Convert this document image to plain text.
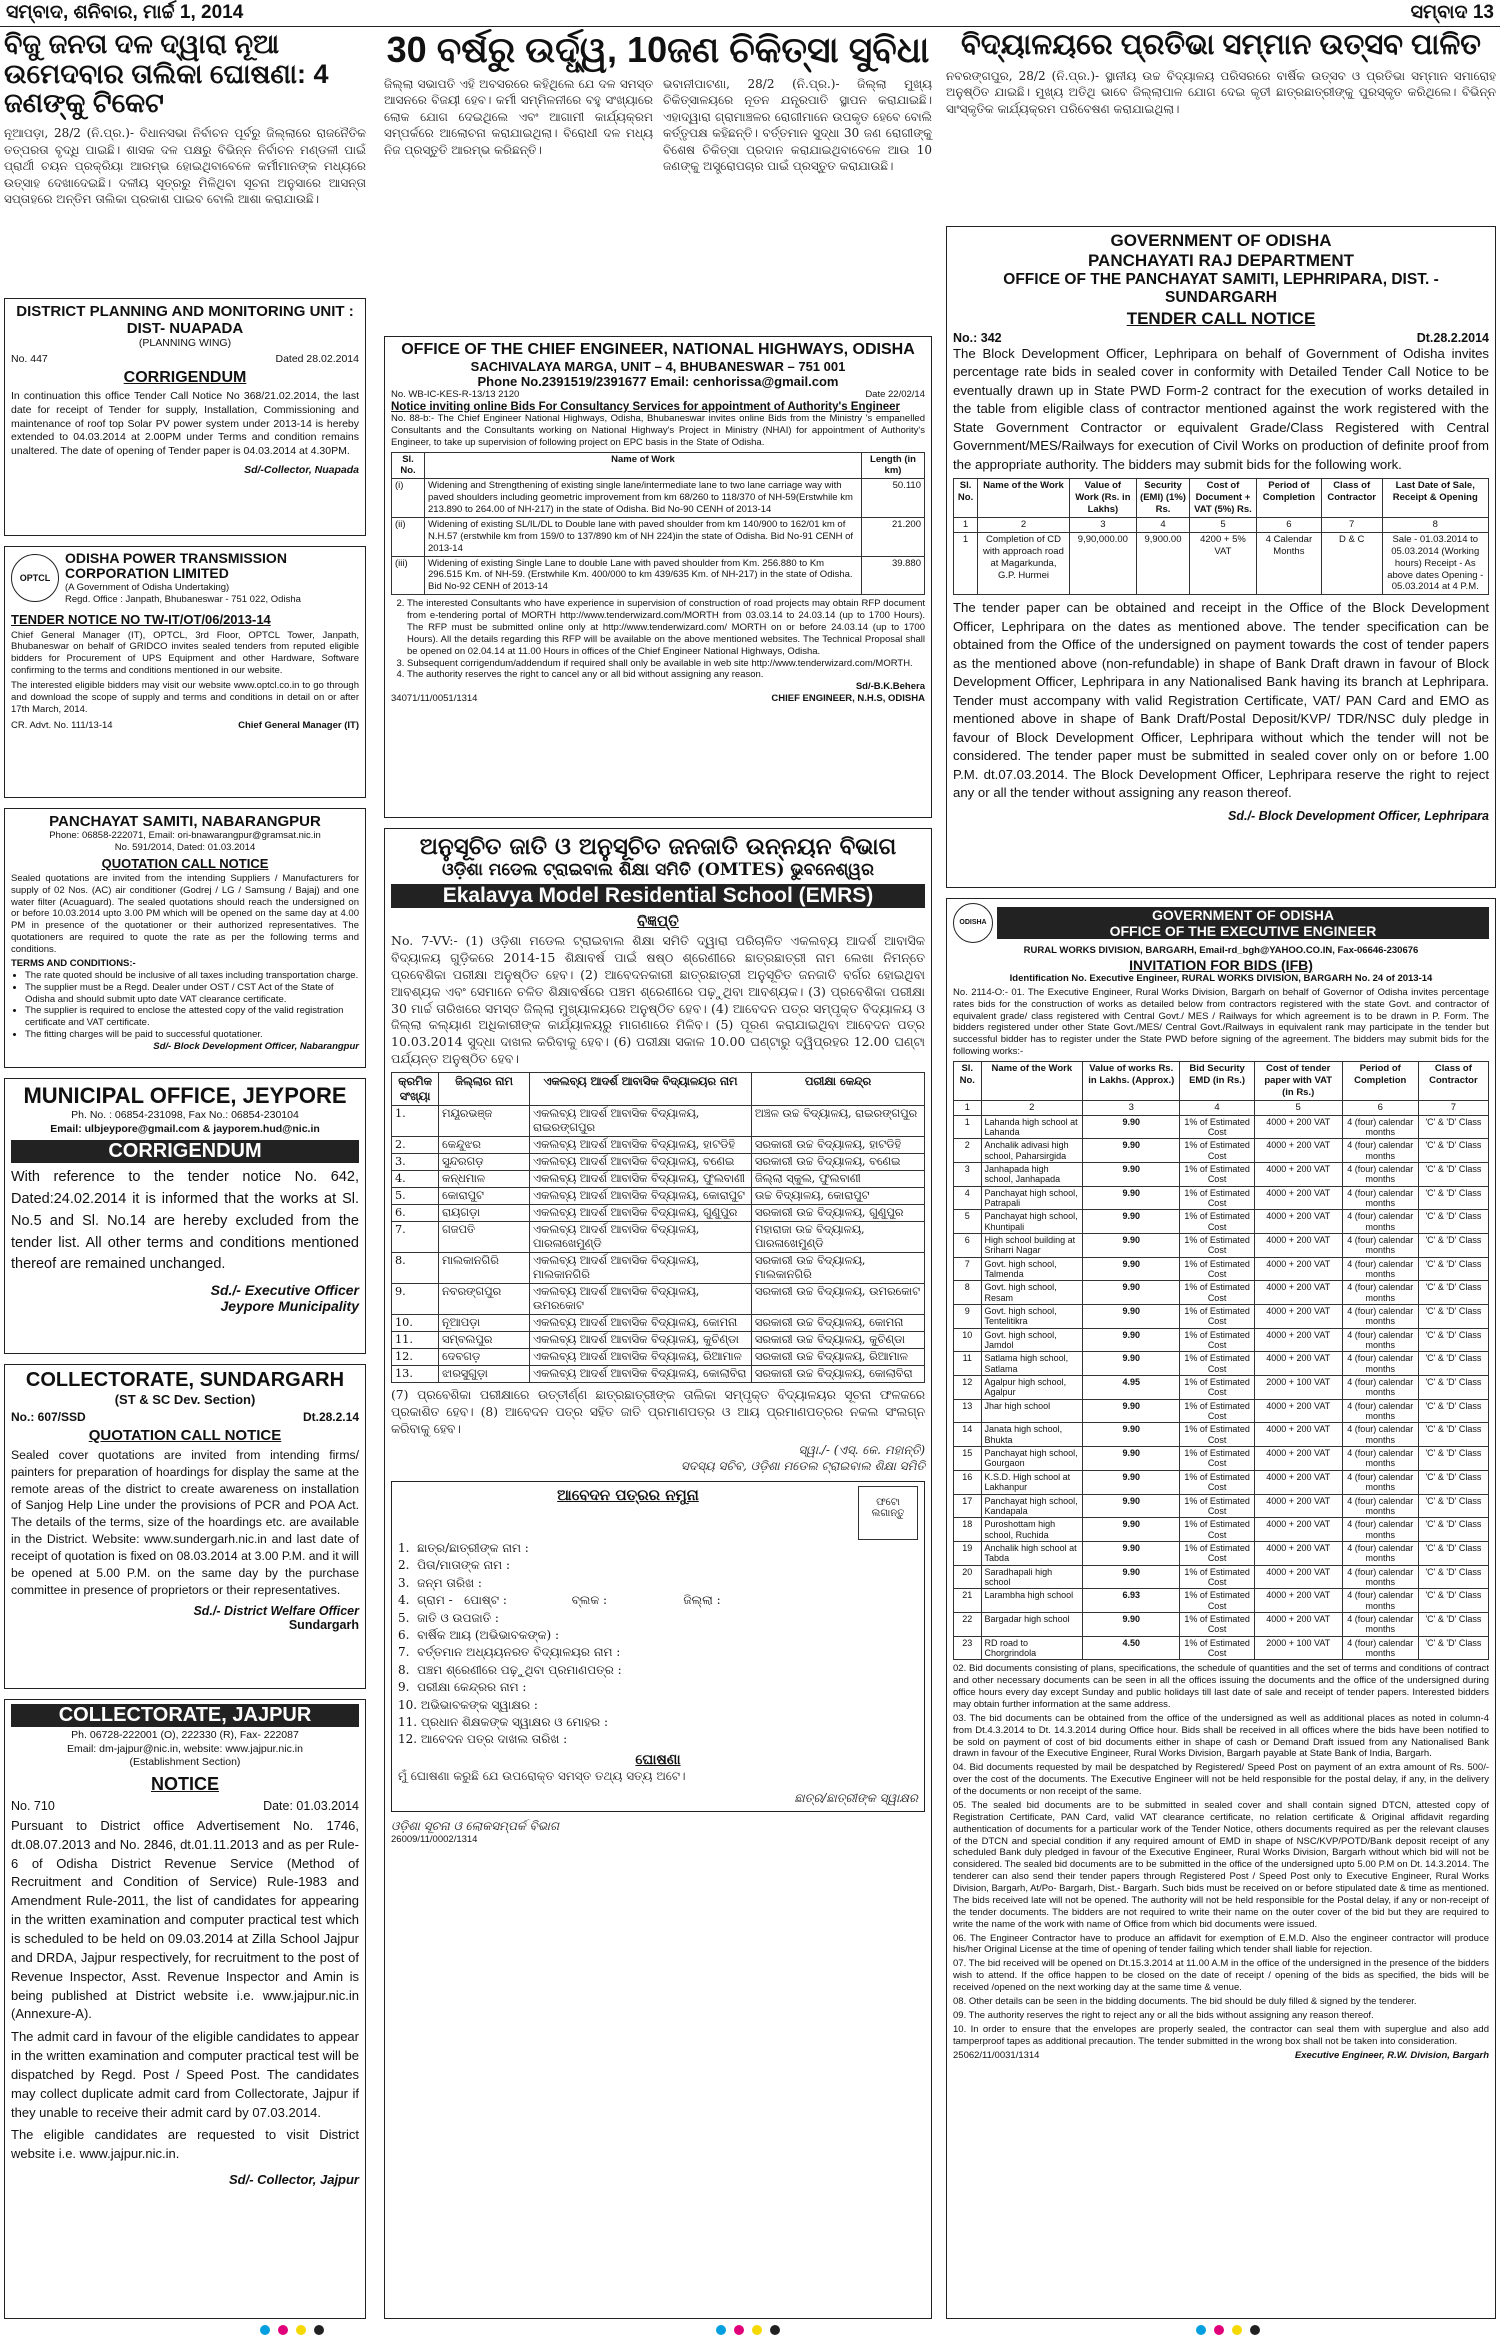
ସମ୍ବାଦ, ଶନିବାର, ମାର୍ଚ୍ଚ 1, 2014	ସମ୍ବାଦ 13
ବିଜୁ ଜନତା ଦଳ ଦ୍ୱାରା ନୂଆ ଉମେଦବାର ତାଲିକା ଘୋଷଣା: 4 ଜଣଙ୍କୁ ଟିକେଟ
ନୂଆପଡ଼ା, 28/2 (ନି.ପ୍ର.)- ବିଧାନସଭା ନିର୍ବାଚନ ପୂର୍ବରୁ ଜିଲ୍ଲାରେ ରାଜନୈତିକ ତତ୍ପରତା ବୃଦ୍ଧି ପାଇଛି। ଶାସକ ଦଳ ପକ୍ଷରୁ ବିଭିନ୍ନ ନିର୍ବାଚନ ମଣ୍ଡଳୀ ପାଇଁ ପ୍ରାର୍ଥୀ ଚୟନ ପ୍ରକ୍ରିୟା ଆରମ୍ଭ ହୋଇଥିବାବେଳେ କର୍ମୀମାନଙ୍କ ମଧ୍ୟରେ ଉତ୍ସାହ ଦେଖାଦେଇଛି। ଦଳୀୟ ସୂତ୍ରରୁ ମିଳିଥିବା ସୂଚନା ଅନୁସାରେ ଆସନ୍ତା ସପ୍ତାହରେ ଅନ୍ତିମ ତାଲିକା ପ୍ରକାଶ ପାଇବ ବୋଲି ଆଶା କରାଯାଉଛି।
DISTRICT PLANNING AND MONITORING UNIT : DIST- NUAPADA
(PLANNING WING)
No. 447	Dated 28.02.2014
CORRIGENDUM
In continuation this office Tender Call Notice No 368/21.02.2014, the last date for receipt of Tender for supply, Installation, Commissioning and maintenance of roof top Solar PV power system under 2013-14 is hereby extended to 04.03.2014 at 2.00PM under Terms and condition remains unaltered. The date of opening of Tender paper is 04.03.2014 at 4.30PM.
Sd/-Collector, Nuapada
OPTCL
ODISHA POWER TRANSMISSION CORPORATION LIMITED
(A Government of Odisha Undertaking)
Regd. Office : Janpath, Bhubaneswar - 751 022, Odisha
TENDER NOTICE NO TW-IT/OT/06/2013-14
Chief General Manager (IT), OPTCL, 3rd Floor, OPTCL Tower, Janpath, Bhubaneswar on behalf of GRIDCO invites sealed tenders from reputed eligible bidders for Procurement of UPS Equipment and other Hardware, Software confirming to the terms and conditions mentioned in our website.
The interested eligible bidders may visit our website www.optcl.co.in to go through and download the scope of supply and terms and conditions in detail on or after 17th March, 2014.
CR. Advt. No. 111/13-14	Chief General Manager (IT)
PANCHAYAT SAMITI, NABARANGPUR
Phone: 06858-222071, Email: ori-bnawarangpur@gramsat.nic.in
No. 591/2014, Dated: 01.03.2014
QUOTATION CALL NOTICE
Sealed quotations are invited from the intending Suppliers / Manufacturers for supply of 02 Nos. (AC) air conditioner (Godrej / LG / Samsung / Bajaj) and one water filter (Acuaguard). The sealed quotations should reach the undersigned on or before 10.03.2014 upto 3.00 PM which will be opened on the same day at 4.00 PM in presence of the quotationer or their authorized representatives. The quotationers are required to quote the rate as per the following terms and conditions.
TERMS AND CONDITIONS:-
• The rate quoted should be inclusive of all taxes including transportation charge.
• The supplier must be a Regd. Dealer under OST / CST Act of the State of Odisha and should submit upto date VAT clearance certificate.
• The supplier is required to enclose the attested copy of the valid registration certificate and VAT certificate.
• The fitting charges will be paid to successful quotationer.
Sd/- Block Development Officer, Nabarangpur
MUNICIPAL OFFICE, JEYPORE
Ph. No. : 06854-231098, Fax No.: 06854-230104
Email: ulbjeypore@gmail.com & jayporem.hud@nic.in
CORRIGENDUM
With reference to the tender notice No. 642, Dated:24.02.2014 it is informed that the works at Sl. No.5 and Sl. No.14 are hereby excluded from the tender list. All other terms and conditions mentioned thereof are remained unchanged.
Sd./- Executive Officer
Jeypore Municipality
COLLECTORATE, SUNDARGARH
(ST & SC Dev. Section)
No.: 607/SSD	Dt.28.2.14
QUOTATION CALL NOTICE
Sealed cover quotations are invited from intending firms/ painters for preparation of hoardings for display the same at the remote areas of the district to create awareness on installation of Sanjog Help Line under the provisions of PCR and POA Act. The details of the terms, size of the hoardings etc. are available in the District. Website: www.sundergarh.nic.in and last date of receipt of quotation is fixed on 08.03.2014 at 3.00 P.M. and it will be opened at 5.00 P.M. on the same day by the purchase committee in presence of proprietors or their representatives.
Sd./- District Welfare Officer
Sundargarh
COLLECTORATE, JAJPUR
Ph. 06728-222001 (O), 222330 (R), Fax- 222087
Email: dm-jajpur@nic.in, website: www.jajpur.nic.in
(Establishment Section)
NOTICE
No. 710	Date: 01.03.2014
Pursuant to District office Advertisement No. 1746, dt.08.07.2013 and No. 2846, dt.01.11.2013 and as per Rule-6 of Odisha District Revenue Service (Method of Recruitment and Condition of Service) Rule-1983 and Amendment Rule-2011, the list of candidates for appearing in the written examination and computer practical test which is scheduled to be held on 09.03.2014 at Zilla School Jajpur and DRDA, Jajpur respectively, for recruitment to the post of Revenue Inspector, Asst. Revenue Inspector and Amin is being published at District website i.e. www.jajpur.nic.in (Annexure-A).
The admit card in favour of the eligible candidates to appear in the written examination and computer practical test will be dispatched by Regd. Post / Speed Post. The candidates may collect duplicate admit card from Collectorate, Jajpur if they unable to receive their admit card by 07.03.2014.
The eligible candidates are requested to visit District website i.e. www.jajpur.nic.in.
Sd/- Collector, Jajpur
30 ବର୍ଷରୁ ଉର୍ଦ୍ଧ୍ୱ, 10ଜଣ ଚିକିତ୍ସା ସୁବିଧା
ଜିଲ୍ଲା ସଭାପତି ଏହି ଅବସରରେ କହିଥିଲେ ଯେ ଦଳ ସମସ୍ତ ଆସନରେ ବିଜୟୀ ହେବ। କର୍ମୀ ସମ୍ମିଳନୀରେ ବହୁ ସଂଖ୍ୟାରେ ଲୋକ ଯୋଗ ଦେଇଥିଲେ ଏବଂ ଆଗାମୀ କାର୍ଯ୍ୟକ୍ରମ ସମ୍ପର୍କରେ ଆଲୋଚନା କରାଯାଇଥିଲା। ବିରୋଧୀ ଦଳ ମଧ୍ୟ ନିଜ ପ୍ରସ୍ତୁତି ଆରମ୍ଭ କରିଛନ୍ତି।
ଭବାନୀପାଟଣା, 28/2 (ନି.ପ୍ର.)- ଜିଲ୍ଲା ମୁଖ୍ୟ ଚିକିତ୍ସାଳୟରେ ନୂତନ ଯନ୍ତ୍ରପାତି ସ୍ଥାପନ କରାଯାଇଛି। ଏହାଦ୍ୱାରା ଗ୍ରାମାଞ୍ଚଳର ରୋଗୀମାନେ ଉପକୃତ ହେବେ ବୋଲି କର୍ତ୍ତୃପକ୍ଷ କହିଛନ୍ତି। ବର୍ତ୍ତମାନ ସୁଦ୍ଧା 30 ଜଣ ରୋଗୀଙ୍କୁ ବିଶେଷ ଚିକିତ୍ସା ପ୍ରଦାନ କରାଯାଇଥିବାବେଳେ ଆଉ 10 ଜଣଙ୍କୁ ଅସ୍ତ୍ରୋପଚାର ପାଇଁ ପ୍ରସ୍ତୁତ କରାଯାଉଛି।
OFFICE OF THE CHIEF ENGINEER, NATIONAL HIGHWAYS, ODISHA
SACHIVALAYA MARGA, UNIT – 4, BHUBANESWAR – 751 001
Phone No.2391519/2391677 Email: cenhorissa@gmail.com
No. WB-IC-KES-R-13/13 2120	Date 22/02/14
Notice inviting online Bids For Consultancy Services for appointment of Authority's Engineer
No. 88-b:- The Chief Engineer National Highways, Odisha, Bhubaneswar invites online Bids from the Ministry 's empanelled Consultants and the Consultants working on National Highway's Project in Ministry (NHAI) for appointment of Authority's Engineer, to take up supervision of following project on EPC basis in the State of Odisha.
Sl. No.	Name of Work	Length (in km)
(i)	Widening and Strengthening of existing single lane/intermediate lane to two lane carriage way with paved shoulders including geometric improvement from km 68/260 to 118/370 of NH-59(Erstwhile km 213.890 to 264.00 of NH-217) in the state of Odisha. Bid No-90 CENH of 2013-14	50.110
(ii)	Widening of existing SL/IL/DL to Double lane with paved shoulder from km 140/900 to 162/01 km of N.H.57 (erstwhile km from 159/0 to 137/890 km of NH 224)in the state of Odisha. Bid No-91 CENH of 2013-14	21.200
(iii)	Widening of existing Single Lane to double Lane with paved shoulder from Km. 256.880 to Km 296.515 Km. of NH-59. (Erstwhile Km. 400/000 to km 439/635 Km. of NH-217) in the state of Odisha. Bid No-92 CENH of 2013-14	39.880
2. The interested Consultants who have experience in supervision of construction of road projects may obtain RFP document from e-tendering portal of MORTH http://www.tenderwizard.com/MORTH from 03.03.14 to 24.03.14 (up to 1700 Hours). The RFP must be submitted online only at http://www.tenderwizard.com/ MORTH on or before 24.03.14 (up to 1700 Hours). All the details regarding this RFP will be available on the above mentioned websites. The Technical Proposal shall be opened on 02.04.14 at 11.00 Hours in offices of the Chief Engineer National Highways, Odisha.
3. Subsequent corrigendum/addendum if required shall only be available in web site http://www.tenderwizard.com/MORTH.
4. The authority reserves the right to cancel any or all bid without assigning any reason.
Sd/-B.K.Behera
34071/11/0051/1314	CHIEF ENGINEER, N.H.S, ODISHA
ଅନୁସୂଚିତ ଜାତି ଓ ଅନୁସୂଚିତ ଜନଜାତି ଉନ୍ନୟନ ବିଭାଗ
ଓଡ଼ିଶା ମଡେଲ ଟ୍ରାଇବାଲ ଶିକ୍ଷା ସମିତି (OMTES) ଭୁବନେଶ୍ୱର
Ekalavya Model Residential School (EMRS)
ବିଜ୍ଞପ୍ତି
No. 7-VV:- (1) ଓଡ଼ିଶା ମଡେଲ ଟ୍ରାଇବାଲ ଶିକ୍ଷା ସମିତି ଦ୍ୱାରା ପରିଚାଳିତ ଏକଲବ୍ୟ ଆଦର୍ଶ ଆବାସିକ ବିଦ୍ୟାଳୟ ଗୁଡ଼ିକରେ 2014-15 ଶିକ୍ଷାବର୍ଷ ପାଇଁ ଷଷ୍ଠ ଶ୍ରେଣୀରେ ଛାତ୍ରଛାତ୍ରୀ ନାମ ଲେଖା ନିମନ୍ତେ ପ୍ରବେଶିକା ପରୀକ୍ଷା ଅନୁଷ୍ଠିତ ହେବ। (2) ଆବେଦନକାରୀ ଛାତ୍ରଛାତ୍ରୀ ଅନୁସୂଚିତ ଜନଜାତି ବର୍ଗର ହୋଇଥିବା ଆବଶ୍ୟକ ଏବଂ ସେମାନେ ଚଳିତ ଶିକ୍ଷାବର୍ଷରେ ପଞ୍ଚମ ଶ୍ରେଣୀରେ ପଢ଼ୁଥିବା ଆବଶ୍ୟକ। (3) ପ୍ରବେଶିକା ପରୀକ୍ଷା 30 ମାର୍ଚ୍ଚ ତାରିଖରେ ସମସ୍ତ ଜିଲ୍ଲା ମୁଖ୍ୟାଳୟରେ ଅନୁଷ୍ଠିତ ହେବ। (4) ଆବେଦନ ପତ୍ର ସମ୍ପୃକ୍ତ ବିଦ୍ୟାଳୟ ଓ ଜିଲ୍ଲା କଲ୍ୟାଣ ଅଧିକାରୀଙ୍କ କାର୍ଯ୍ୟାଳୟରୁ ମାଗଣାରେ ମିଳିବ। (5) ପୂରଣ କରାଯାଇଥିବା ଆବେଦନ ପତ୍ର 10.03.2014 ସୁଦ୍ଧା ଦାଖଲ କରିବାକୁ ହେବ। (6) ପରୀକ୍ଷା ସକାଳ 10.00 ଘଣ୍ଟାରୁ ଦ୍ୱିପ୍ରହର 12.00 ଘଣ୍ଟା ପର୍ଯ୍ୟନ୍ତ ଅନୁଷ୍ଠିତ ହେବ।
କ୍ରମିକ ସଂଖ୍ୟା	ଜିଲ୍ଲାର ନାମ	ଏକଲବ୍ୟ ଆଦର୍ଶ ଆବାସିକ ବିଦ୍ୟାଳୟର ନାମ	ପରୀକ୍ଷା କେନ୍ଦ୍ର
1.	ମୟୂରଭଞ୍ଜ	ଏକଲବ୍ୟ ଆଦର୍ଶ ଆବାସିକ ବିଦ୍ୟାଳୟ, ରାଇରଙ୍ଗପୁର	ଅଞ୍ଚଳ ଉଚ୍ଚ ବିଦ୍ୟାଳୟ, ରାଇରଙ୍ଗପୁର
2.	କେନ୍ଦୁଝର	ଏକଲବ୍ୟ ଆଦର୍ଶ ଆବାସିକ ବିଦ୍ୟାଳୟ, ହାଟଡିହି	ସରକାରୀ ଉଚ୍ଚ ବିଦ୍ୟାଳୟ, ହାଟଡିହି
3.	ସୁନ୍ଦରଗଡ଼	ଏକଲବ୍ୟ ଆଦର୍ଶ ଆବାସିକ ବିଦ୍ୟାଳୟ, ବଣେଇ	ସରକାରୀ ଉଚ୍ଚ ବିଦ୍ୟାଳୟ, ବଣେଇ
4.	କନ୍ଧମାଳ	ଏକଲବ୍ୟ ଆଦର୍ଶ ଆବାସିକ ବିଦ୍ୟାଳୟ, ଫୁଲବାଣୀ	ଜିଲ୍ଲା ସ୍କୁଲ, ଫୁଲବାଣୀ
5.	କୋରାପୁଟ	ଏକଲବ୍ୟ ଆଦର୍ଶ ଆବାସିକ ବିଦ୍ୟାଳୟ, କୋରାପୁଟ	ଉଚ୍ଚ ବିଦ୍ୟାଳୟ, କୋରାପୁଟ
6.	ରାୟଗଡ଼ା	ଏକଲବ୍ୟ ଆଦର୍ଶ ଆବାସିକ ବିଦ୍ୟାଳୟ, ଗୁଣୁପୁର	ସରକାରୀ ଉଚ୍ଚ ବିଦ୍ୟାଳୟ, ଗୁଣୁପୁର
7.	ଗଜପତି	ଏକଲବ୍ୟ ଆଦର୍ଶ ଆବାସିକ ବିଦ୍ୟାଳୟ, ପାରଳାଖେମୁଣ୍ଡି	ମହାରାଜା ଉଚ୍ଚ ବିଦ୍ୟାଳୟ, ପାରଳାଖେମୁଣ୍ଡି
8.	ମାଲକାନଗିରି	ଏକଲବ୍ୟ ଆଦର୍ଶ ଆବାସିକ ବିଦ୍ୟାଳୟ, ମାଲକାନଗିରି	ସରକାରୀ ଉଚ୍ଚ ବିଦ୍ୟାଳୟ, ମାଲକାନଗିରି
9.	ନବରଙ୍ଗପୁର	ଏକଲବ୍ୟ ଆଦର୍ଶ ଆବାସିକ ବିଦ୍ୟାଳୟ, ଉମରକୋଟ	ସରକାରୀ ଉଚ୍ଚ ବିଦ୍ୟାଳୟ, ଉମରକୋଟ
10.	ନୂଆପଡ଼ା	ଏକଲବ୍ୟ ଆଦର୍ଶ ଆବାସିକ ବିଦ୍ୟାଳୟ, କୋମନା	ସରକାରୀ ଉଚ୍ଚ ବିଦ୍ୟାଳୟ, କୋମନା
11.	ସମ୍ବଲପୁର	ଏକଲବ୍ୟ ଆଦର୍ଶ ଆବାସିକ ବିଦ୍ୟାଳୟ, କୁଚିଣ୍ଡା	ସରକାରୀ ଉଚ୍ଚ ବିଦ୍ୟାଳୟ, କୁଚିଣ୍ଡା
12.	ଦେବଗଡ଼	ଏକଲବ୍ୟ ଆଦର୍ଶ ଆବାସିକ ବିଦ୍ୟାଳୟ, ରିଆମାଳ	ସରକାରୀ ଉଚ୍ଚ ବିଦ୍ୟାଳୟ, ରିଆମାଳ
13.	ଝାରସୁଗୁଡ଼ା	ଏକଲବ୍ୟ ଆଦର୍ଶ ଆବାସିକ ବିଦ୍ୟାଳୟ, କୋଲାବିରା	ସରକାରୀ ଉଚ୍ଚ ବିଦ୍ୟାଳୟ, କୋଲାବିରା
(7) ପ୍ରବେଶିକା ପରୀକ୍ଷାରେ ଉତ୍ତୀର୍ଣ୍ଣ ଛାତ୍ରଛାତ୍ରୀଙ୍କ ତାଲିକା ସମ୍ପୃକ୍ତ ବିଦ୍ୟାଳୟର ସୂଚନା ଫଳକରେ ପ୍ରକାଶିତ ହେବ। (8) ଆବେଦନ ପତ୍ର ସହିତ ଜାତି ପ୍ରମାଣପତ୍ର ଓ ଆୟ ପ୍ରମାଣପତ୍ରର ନକଲ ସଂଲଗ୍ନ କରିବାକୁ ହେବ।
ସ୍ୱା./- (ଏସ୍. କେ. ମହାନ୍ତି)
ସଦସ୍ୟ ସଚିବ, ଓଡ଼ିଶା ମଡେଲ ଟ୍ରାଇବାଲ ଶିକ୍ଷା ସମିତି
ଆବେଦନ ପତ୍ରର ନମୁନା	ଫଟୋ ଲଗାନ୍ତୁ
1.  ଛାତ୍ର/ଛାତ୍ରୀଙ୍କ ନାମ :
2.  ପିତା/ମାତାଙ୍କ ନାମ :
3.  ଜନ୍ମ ତାରିଖ :
4.  ଗ୍ରାମ -   ପୋଷ୍ଟ :                 ବ୍ଲକ :                    ଜିଲ୍ଲା :
5.  ଜାତି ଓ ଉପଜାତି :
6.  ବାର୍ଷିକ ଆୟ (ଅଭିଭାବକଙ୍କ) :
7.  ବର୍ତ୍ତମାନ ଅଧ୍ୟୟନରତ ବିଦ୍ୟାଳୟର ନାମ :
8.  ପଞ୍ଚମ ଶ୍ରେଣୀରେ ପଢ଼ୁଥିବା ପ୍ରମାଣପତ୍ର :
9.  ପରୀକ୍ଷା କେନ୍ଦ୍ରର ନାମ :
10. ଅଭିଭାବକଙ୍କ ସ୍ୱାକ୍ଷର :
11. ପ୍ରଧାନ ଶିକ୍ଷକଙ୍କ ସ୍ୱାକ୍ଷର ଓ ମୋହର :
12. ଆବେଦନ ପତ୍ର ଦାଖଲ ତାରିଖ :
ଘୋଷଣା
ମୁଁ ଘୋଷଣା କରୁଛି ଯେ ଉପରୋକ୍ତ ସମସ୍ତ ତଥ୍ୟ ସତ୍ୟ ଅଟେ।
ଛାତ୍ର/ଛାତ୍ରୀଙ୍କ ସ୍ୱାକ୍ଷର
ଓଡ଼ିଶା ସୂଚନା ଓ ଲୋକସମ୍ପର୍କ ବିଭାଗ
26009/11/0002/1314
ବିଦ୍ୟାଳୟରେ ପ୍ରତିଭା ସମ୍ମାନ ଉତ୍ସବ ପାଳିତ
ନବରଙ୍ଗପୁର, 28/2 (ନି.ପ୍ର.)- ସ୍ଥାନୀୟ ଉଚ୍ଚ ବିଦ୍ୟାଳୟ ପରିସରରେ ବାର୍ଷିକ ଉତ୍ସବ ଓ ପ୍ରତିଭା ସମ୍ମାନ ସମାରୋହ ଅନୁଷ୍ଠିତ ଯାଇଛି। ମୁଖ୍ୟ ଅତିଥି ଭାବେ ଜିଲ୍ଲାପାଳ ଯୋଗ ଦେଇ କୃତୀ ଛାତ୍ରଛାତ୍ରୀଙ୍କୁ ପୁରସ୍କୃତ କରିଥିଲେ। ବିଭିନ୍ନ ସାଂସ୍କୃତିକ କାର୍ଯ୍ୟକ୍ରମ ପରିବେଷଣ କରାଯାଇଥିଲା।
GOVERNMENT OF ODISHA
PANCHAYATI RAJ DEPARTMENT
OFFICE OF THE PANCHAYAT SAMITI, LEPHRIPARA, DIST. - SUNDARGARH
TENDER CALL NOTICE
No.: 342	Dt.28.2.2014
The Block Development Officer, Lephripara on behalf of Government of Odisha invites percentage rate bids in sealed cover in conformity with Detailed Tender Call Notice to be eventually drawn up in State PWD Form-2 contract for the execution of works detailed in the table from eligible class of contractor mentioned against the work registered with the State Government Contractor or equivalent Grade/Class Registered with Central Government/MES/Railways for execution of Civil Works on production of definite proof from the appropriate authority. The bidders may submit bids for the following work.
Sl. No.	Name of the Work	Value of Work (Rs. in Lakhs)	Security (EMI) (1%) Rs.	Cost of Document + VAT (5%) Rs.	Period of Completion	Class of Contractor	Last Date of Sale, Receipt & Opening
1	2	3	4	5	6	7	8
1	Completion of CD with approach road at Magarkunda, G.P. Hurmei	9,90,000.00	9,900.00	4200 + 5% VAT	4 Calendar Months	D & C	Sale - 01.03.2014 to 05.03.2014 (Working hours) Receipt - As above dates Opening - 05.03.2014 at 4 P.M.
The tender paper can be obtained and receipt in the Office of the Block Development Officer, Lephripara on the dates as mentioned above. The tender specification can be obtained from the Office of the undersigned on payment towards the cost of tender papers as the mentioned above (non-refundable) in shape of Bank Draft drawn in favour of Block Development Officer, Lephripara in any Nationalised Bank having its branch at Lephripara. Tender must accompany with valid Registration Certificate, VAT/ PAN Card and EMO as mentioned above in shape of Bank Draft/Postal Deposit/KVP/ TDR/NSC duly pledge in favour of Block Development Officer, Lephripara without which the tender will not be considered. The tender paper must be submitted in sealed cover only on or before 1.00 P.M. dt.07.03.2014. The Block Development Officer, Lephripara reserve the right to reject any or all the tender without assigning any reason thereof.
Sd./- Block Development Officer, Lephripara
ODISHA	GOVERNMENT OF ODISHA
OFFICE OF THE EXECUTIVE ENGINEER
RURAL WORKS DIVISION, BARGARH, Email-rd_bgh@YAHOO.CO.IN, Fax-06646-230676
INVITATION FOR BIDS (IFB)
Identification No. Executive Engineer, RURAL WORKS DIVISION, BARGARH No. 24 of 2013-14
No. 2114-O:- 01. The Executive Engineer, Rural Works Division, Bargarh on behalf of Governor of Odisha invites percentage rates bids for the construction of works as detailed below from contractors registered with the state Govt. and contractor of equivalent grade/ class registered with Central Govt./ MES / Railways for which agreement is to be drawn in P. Form. The bidders registered under other State Govt./MES/ Central Govt./Railways in equivalent rank may participate in the tender but successful bidder has to register under the State PWD before signing of the agreement. The bidders may submit bids for the following works:-
Sl. No.	Name of the Work	Value of works Rs. in Lakhs. (Approx.)	Bid Security EMD (in Rs.)	Cost of tender paper with VAT (in Rs.)	Period of Completion	Class of Contractor
1	2	3	4	5	6	7
1	Lahanda high school at Lahanda	9.90	1% of Estimated Cost	4000 + 200 VAT	4 (four) calendar months	'C' & 'D' Class
2	Anchalik adivasi high school, Paharsirgida	9.90	1% of Estimated Cost	4000 + 200 VAT	4 (four) calendar months	'C' & 'D' Class
3	Janhapada high school, Janhapada	9.90	1% of Estimated Cost	4000 + 200 VAT	4 (four) calendar months	'C' & 'D' Class
4	Panchayat high school, Patrapali	9.90	1% of Estimated Cost	4000 + 200 VAT	4 (four) calendar months	'C' & 'D' Class
5	Panchayat high school, Khuntipali	9.90	1% of Estimated Cost	4000 + 200 VAT	4 (four) calendar months	'C' & 'D' Class
6	High school building at Sriharri Nagar	9.90	1% of Estimated Cost	4000 + 200 VAT	4 (four) calendar months	'C' & 'D' Class
7	Govt. high school, Talmenda	9.90	1% of Estimated Cost	4000 + 200 VAT	4 (four) calendar months	'C' & 'D' Class
8	Govt. high school, Resam	9.90	1% of Estimated Cost	4000 + 200 VAT	4 (four) calendar months	'C' & 'D' Class
9	Govt. high school, Tentelitikra	9.90	1% of Estimated Cost	4000 + 200 VAT	4 (four) calendar months	'C' & 'D' Class
10	Govt. high school, Jamdol	9.90	1% of Estimated Cost	4000 + 200 VAT	4 (four) calendar months	'C' & 'D' Class
11	Satlama high school, Satlama	9.90	1% of Estimated Cost	4000 + 200 VAT	4 (four) calendar months	'C' & 'D' Class
12	Agalpur high school, Agalpur	4.95	1% of Estimated Cost	2000 + 100 VAT	4 (four) calendar months	'C' & 'D' Class
13	Jhar high school	9.90	1% of Estimated Cost	4000 + 200 VAT	4 (four) calendar months	'C' & 'D' Class
14	Janata high school, Bhukta	9.90	1% of Estimated Cost	4000 + 200 VAT	4 (four) calendar months	'C' & 'D' Class
15	Panchayat high school, Gourgaon	9.90	1% of Estimated Cost	4000 + 200 VAT	4 (four) calendar months	'C' & 'D' Class
16	K.S.D. High school at Lakhanpur	9.90	1% of Estimated Cost	4000 + 200 VAT	4 (four) calendar months	'C' & 'D' Class
17	Panchayat high school, Kandapala	9.90	1% of Estimated Cost	4000 + 200 VAT	4 (four) calendar months	'C' & 'D' Class
18	Puroshottam high school, Ruchida	9.90	1% of Estimated Cost	4000 + 200 VAT	4 (four) calendar months	'C' & 'D' Class
19	Anchalik high school at Tabda	9.90	1% of Estimated Cost	4000 + 200 VAT	4 (four) calendar months	'C' & 'D' Class
20	Saradhapali high school	9.90	1% of Estimated Cost	4000 + 200 VAT	4 (four) calendar months	'C' & 'D' Class
21	Larambha high school	6.93	1% of Estimated Cost	4000 + 200 VAT	4 (four) calendar months	'C' & 'D' Class
22	Bargadar high school	9.90	1% of Estimated Cost	4000 + 200 VAT	4 (four) calendar months	'C' & 'D' Class
23	RD road to Chorgrindola	4.50	1% of Estimated Cost	2000 + 100 VAT	4 (four) calendar months	'C' & 'D' Class
02. Bid documents consisting of plans, specifications, the schedule of quantities and the set of terms and conditions of contract and other necessary documents can be seen in all the offices issuing the documents and the office of the undersigned during office hours every day except Sunday and public holidays till last date of sale and receipt of tender papers. Interested bidders may obtain further information at the same address.
03. The bid documents can be obtained from the office of the undersigned as well as additional places as noted in column-4 from Dt.4.3.2014 to Dt. 14.3.2014 during Office hour. Bids shall be received in all offices where the bids have been notified to be sold on payment of cost of bid documents either in shape of cash or Demand Draft issued from any Nationalised Bank drawn in favour of the Executive Engineer, Rural Works Division, Bargarh payable at State Bank of India, Bargarh.
04. Bid documents requested by mail be despatched by Registered/ Speed Post on payment of an extra amount of Rs. 500/- over the cost of the documents. The Executive Engineer will not be held responsible for the postal delay, if any, in the delivery of the documents or non receipt of the same.
05. The sealed bid documents are to be submitted in sealed cover and shall contain signed DTCN, attested copy of Registration Certificate, PAN Card, valid VAT clearance certificate, no relation certificate & Original affidavit regarding authentication of documents for a particular work of the Tender Notice, others documents required as per the relevant clauses of the DTCN and special condition if any required amount of EMD in shape of NSC/KVP/POTD/Bank deposit receipt of any scheduled Bank duly pledged in favour of the Executive Engineer, Rural Works Division, Bargarh without which bid will not be considered. The sealed bid documents are to be submitted in the office of the undersigned upto 5.00 P.M on Dt. 14.3.2014. The tenderer can also send their tender papers through Registered Post / Speed Post only to Executive Engineer, Rural Works Division, Bargarh, At/Po- Bargarh, Dist.- Bargarh. Such bids must be received on or before stipulated date & time as mentioned. The bids received late will not be opened. The authority will not be held responsible for the Postal delay, if any or non-receipt of the tender documents. The bidders are not required to write their name on the outer cover of the bid but they are required to write the name of the work with name of Office from which bid documents were issued.
06. The Engineer Contractor have to produce an affidavit for exemption of E.M.D. Also the engineer contractor will produce his/her Original License at the time of opening of tender failing which tender shall liable for rejection.
07. The bid received will be opened on Dt.15.3.2014 at 11.00 A.M in the office of the undersigned in the presence of the bidders wish to attend. If the office happen to be closed on the date of receipt / opening of the bids as specified, the bids will be received /opened on the next working day at the same time & venue.
08. Other details can be seen in the bidding documents. The bid should be duly filled & signed by the tenderer.
09. The authority reserves the right to reject any or all the bids without assigning any reason thereof.
10. In order to ensure that the envelopes are properly sealed, the contractor can seal them with superglue and also add tamperproof tapes as additional precaution. The tender submitted in the wrong box shall not be taken into consideration.
25062/11/0031/1314	Executive Engineer, R.W. Division, Bargarh
